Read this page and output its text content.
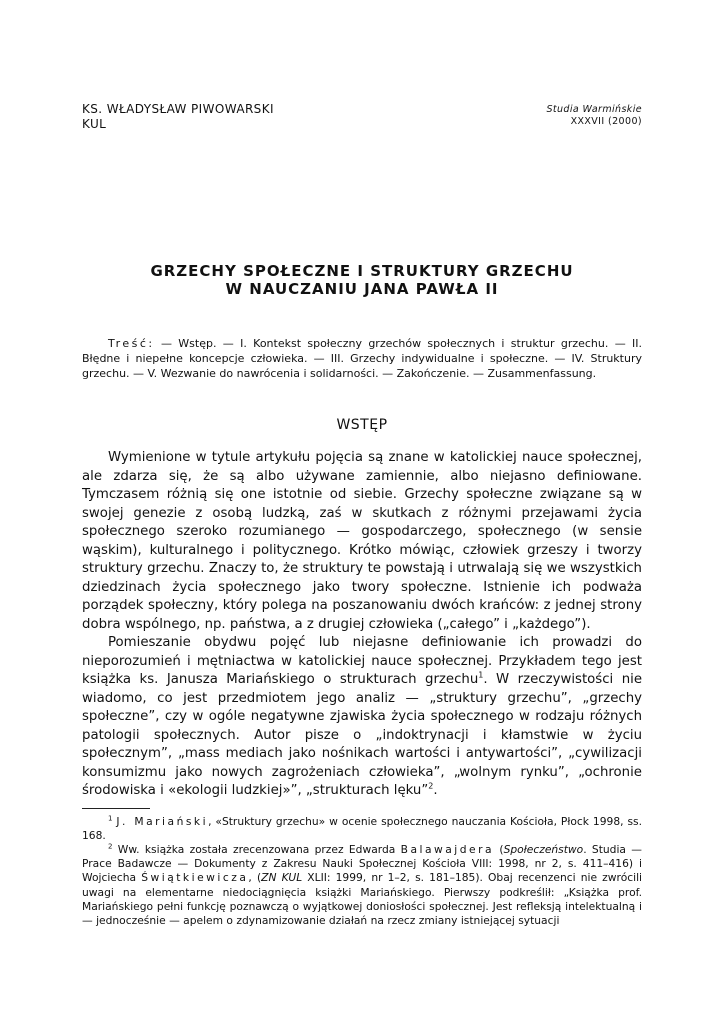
KS. WŁADYSŁAW PIWOWARSKI
KUL
Studia Warmińskie
XXXVII (2000)
GRZECHY SPOŁECZNE I STRUKTURY GRZECHU
W NAUCZANIU JANA PAWŁA II
Treść: — Wstęp. — I. Kontekst społeczny grzechów społecznych i struktur grzechu. — II. Błędne i niepełne koncepcje człowieka. — III. Grzechy indywidualne i społeczne. — IV. Struktury grzechu. — V. Wezwanie do nawrócenia i solidarności. — Zakończenie. — Zusammenfassung.
WSTĘP

Wymienione w tytule artykułu pojęcia są znane w katolickiej nauce społecznej, ale zdarza się, że są albo używane zamiennie, albo niejasno definiowane. Tymczasem różnią się one istotnie od siebie. Grzechy społeczne związane są w swojej genezie z osobą ludzką, zaś w skutkach z różnymi przejawami życia społecznego szeroko rozumianego — gospodarczego, społecznego (w sensie wąskim), kulturalnego i politycznego. Krótko mówiąc, człowiek grzeszy i tworzy struktury grzechu. Znaczy to, że struktury te powstają i utrwalają się we wszystkich dziedzinach życia społecznego jako twory społeczne. Istnienie ich podważa porządek społeczny, który polega na poszanowaniu dwóch krańców: z jednej strony dobra wspólnego, np. państwa, a z drugiej człowieka („całego” i „każdego”).

Pomieszanie obydwu pojęć lub niejasne definiowanie ich prowadzi do nieporozumień i mętniactwa w katolickiej nauce społecznej. Przykładem tego jest książka ks. Janusza Mariańskiego o strukturach grzechu$^1$. W rzeczywistości nie wiadomo, co jest przedmiotem jego analiz — „struktury grzechu”, „grzechy społeczne”, czy w ogóle negatywne zjawiska życia społecznego w rodzaju różnych patologii społecznych. Autor pisze o „indoktrynacji i kłamstwie w życiu społecznym”, „mass mediach jako nośnikach wartości i antywartości”, „cywilizacji konsumizmu jako nowych zagrożeniach człowieka”, „wolnym rynku”, „ochronie środowiska i «ekologii ludzkiej»”, „strukturach lęku”$^2$.

$^1$ J. Mariański, «Struktury grzechu» w ocenie społecznego nauczania Kościoła, Płock 1998, ss. 168.

$^2$ Ww. książka została zrecenzowana przez Edwarda Balawajdera (Społeczeństwo. Studia — Prace Badawcze — Dokumenty z Zakresu Nauki Społecznej Kościoła VIII: 1998, nr 2, s. 411–416) i Wojciecha Świątkiewicza, (ZN KUL XLII: 1999, nr 1–2, s. 181–185). Obaj recenzenci nie zwrócili uwagi na elementarne niedociągnięcia książki Mariańskiego. Pierwszy podkreślił: „Książka prof. Mariańskiego pełni funkcję poznawczą o wyjątkowej doniosłości społecznej. Jest refleksją intelektualną i — jednocześnie — apelem o zdynamizowanie działań na rzecz zmiany istniejącej sytuacji
